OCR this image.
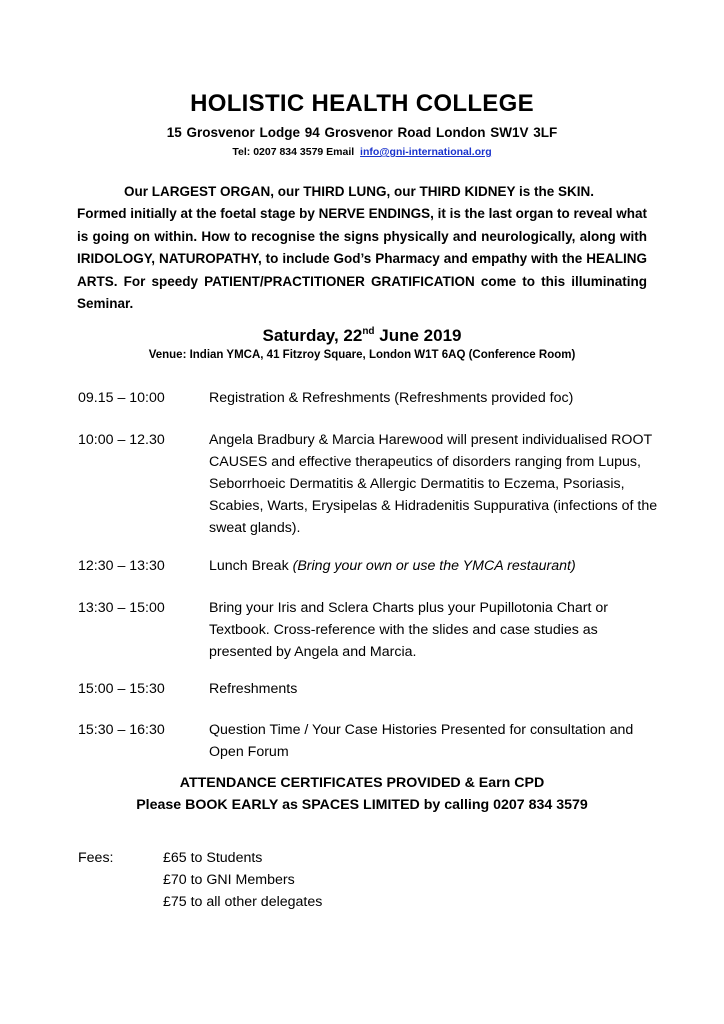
HOLISTIC HEALTH COLLEGE
15 Grosvenor Lodge 94 Grosvenor Road London SW1V 3LF
Tel: 0207 834 3579 Email info@gni-international.org
Our LARGEST ORGAN, our THIRD LUNG, our THIRD KIDNEY is the SKIN.
Formed initially at the foetal stage by NERVE ENDINGS, it is the last organ to reveal what is going on within. How to recognise the signs physically and neurologically, along with IRIDOLOGY, NATUROPATHY, to include God’s Pharmacy and empathy with the HEALING ARTS. For speedy PATIENT/PRACTITIONER GRATIFICATION come to this illuminating Seminar.
Saturday, 22nd June 2019
Venue: Indian YMCA, 41 Fitzroy Square, London W1T 6AQ (Conference Room)
09.15 – 10:00	Registration & Refreshments (Refreshments provided foc)
10:00 – 12.30	Angela Bradbury & Marcia Harewood will present individualised ROOT CAUSES and effective therapeutics of disorders ranging from Lupus, Seborrhoeic Dermatitis & Allergic Dermatitis to Eczema, Psoriasis, Scabies, Warts, Erysipelas & Hidradenitis Suppurativa (infections of the sweat glands).
12:30 – 13:30	Lunch Break (Bring your own or use the YMCA restaurant)
13:30 – 15:00	Bring your Iris and Sclera Charts plus your Pupillotonia Chart or Textbook. Cross-reference with the slides and case studies as presented by Angela and Marcia.
15:00 – 15:30	Refreshments
15:30 – 16:30	Question Time / Your Case Histories Presented for consultation and Open Forum
ATTENDANCE CERTIFICATES PROVIDED & Earn CPD
Please BOOK EARLY as SPACES LIMITED by calling 0207 834 3579
Fees:	£65 to Students
£70 to GNI Members
£75 to all other delegates
